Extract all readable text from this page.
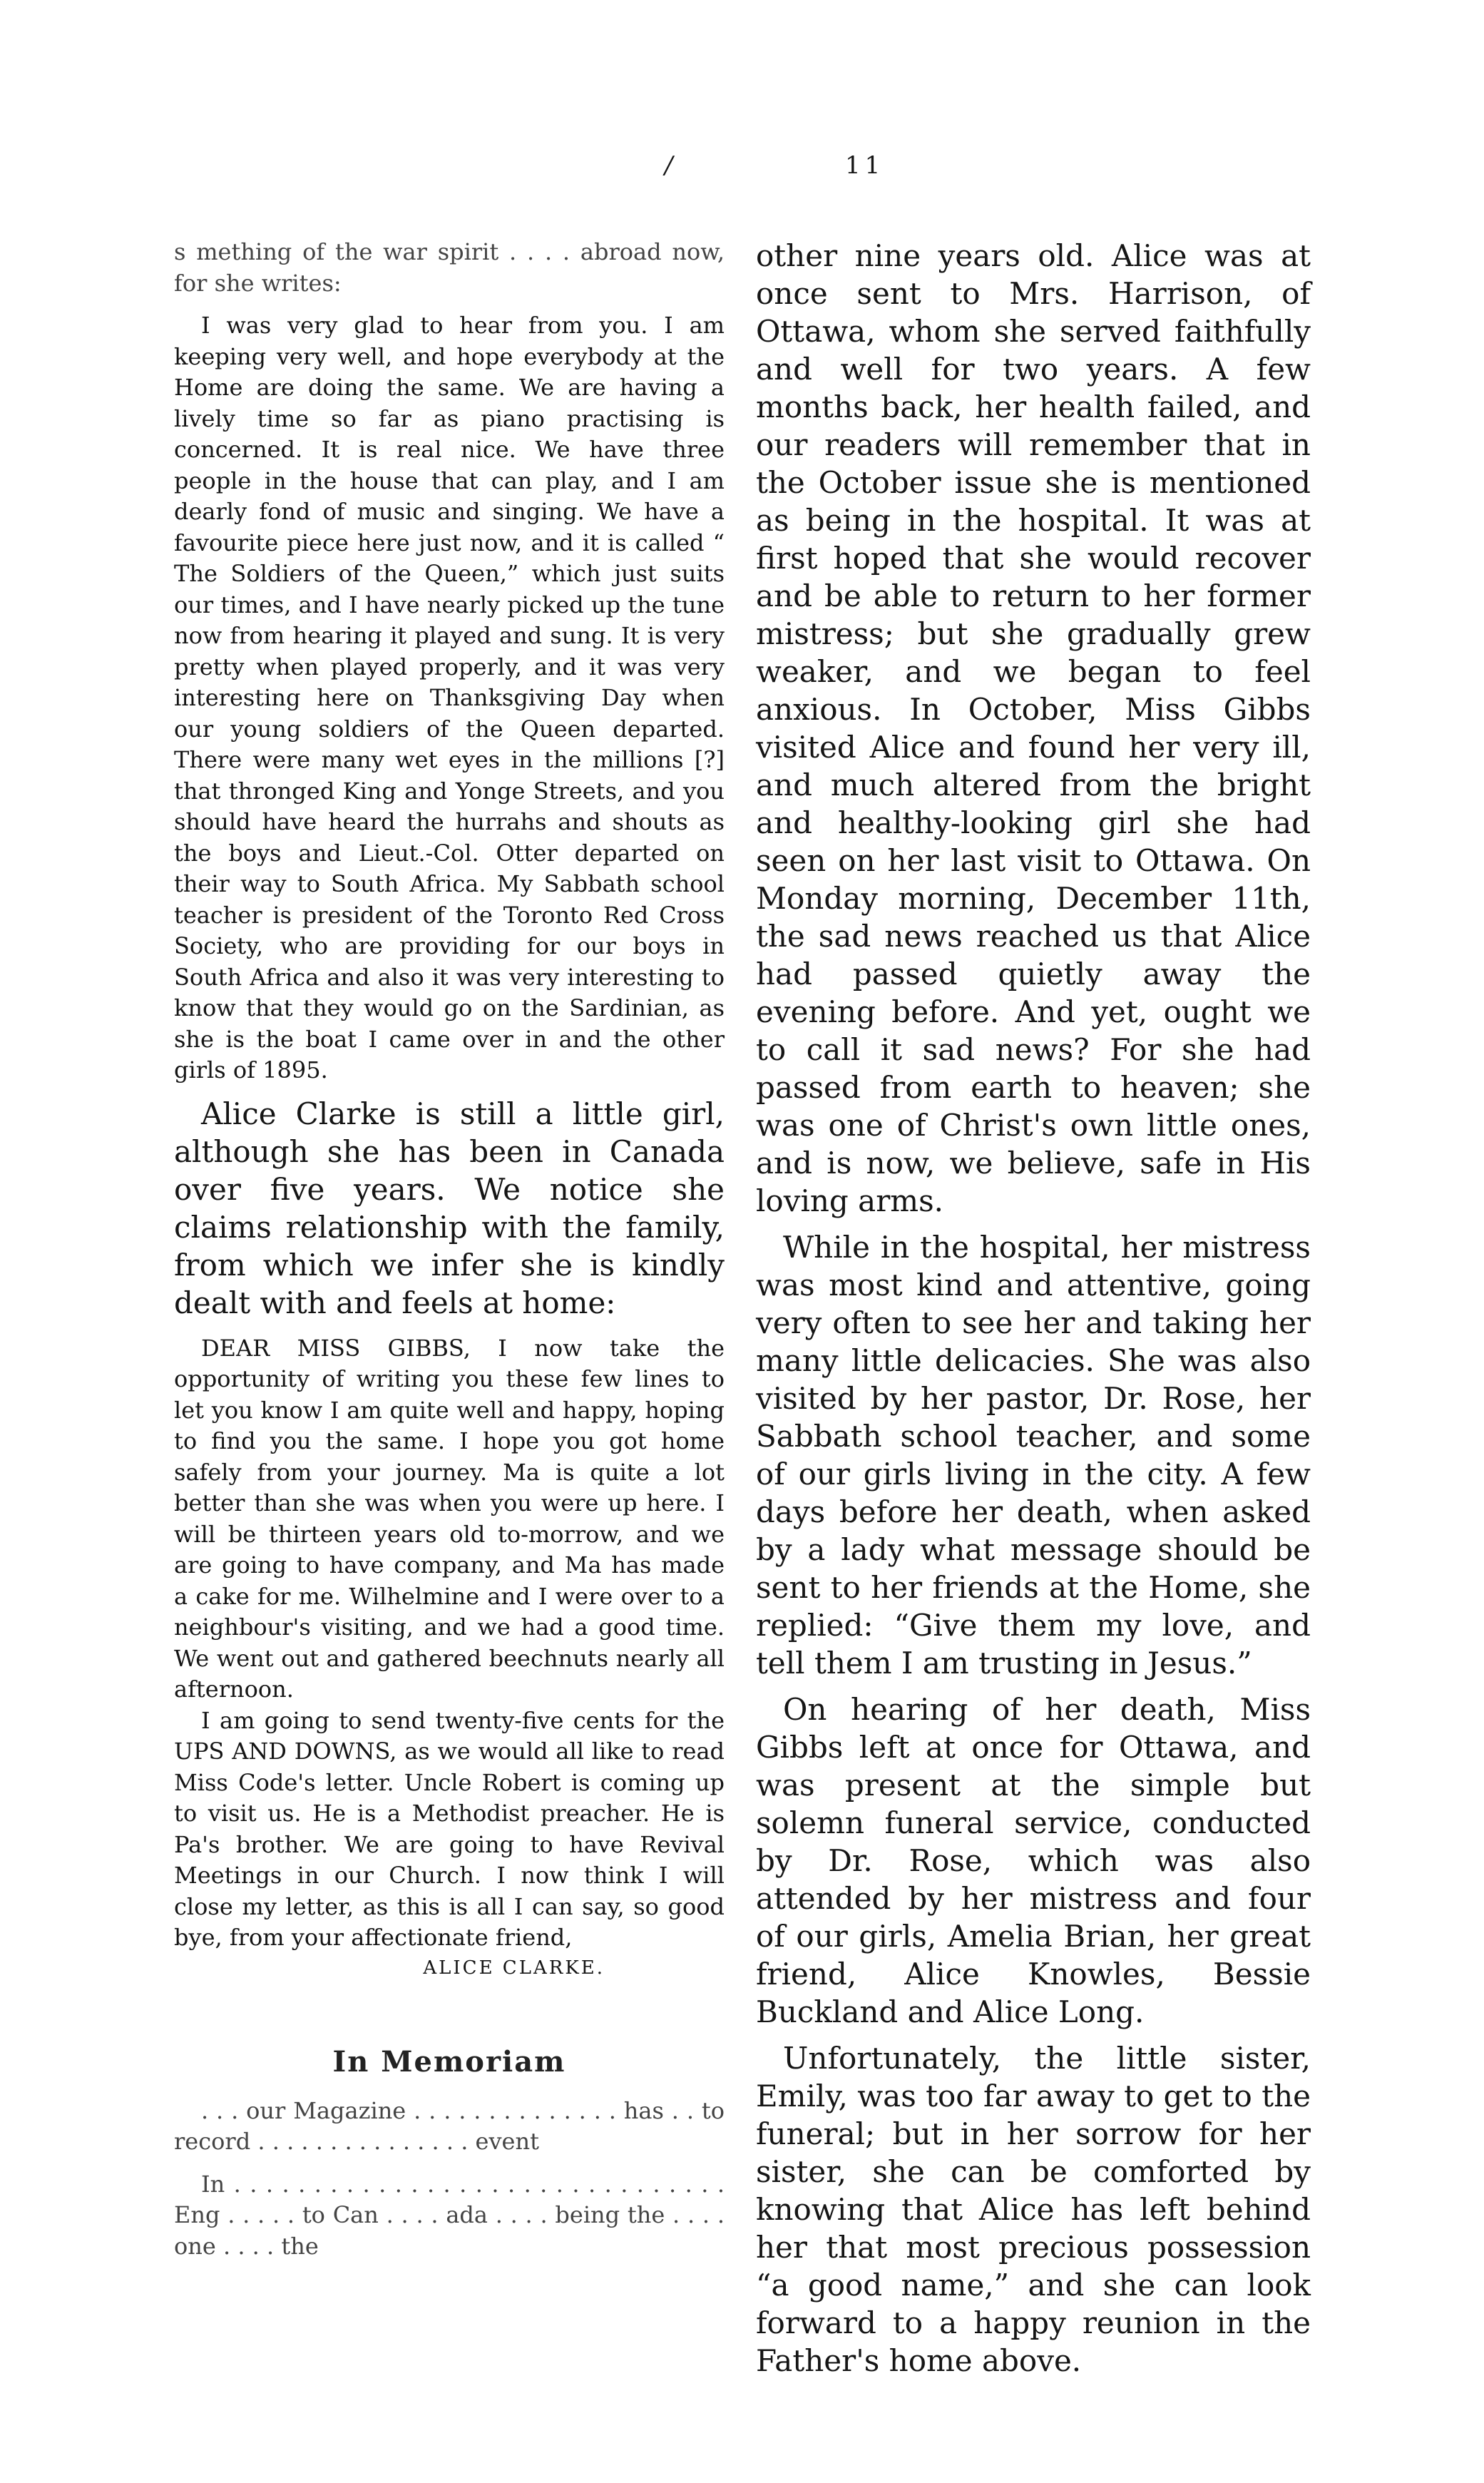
/	11

s mething of the war spirit . . . . abroad now, for she writes:

I was very glad to hear from you. I am keeping very well, and hope everybody at the Home are doing the same. We are having a lively time so far as piano practising is concerned. It is real nice. We have three people in the house that can play, and I am dearly fond of music and singing. We have a favourite piece here just now, and it is called “ The Soldiers of the Queen,” which just suits our times, and I have nearly picked up the tune now from hearing it played and sung. It is very pretty when played properly, and it was very interesting here on Thanksgiving Day when our young soldiers of the Queen departed. There were many wet eyes in the millions [?] that thronged King and Yonge Streets, and you should have heard the hurrahs and shouts as the boys and Lieut.-Col. Otter departed on their way to South Africa. My Sabbath school teacher is president of the Toronto Red Cross Society, who are providing for our boys in South Africa and also it was very interesting to know that they would go on the Sardinian, as she is the boat I came over in and the other girls of 1895.

Alice Clarke is still a little girl, although she has been in Canada over five years. We notice she claims relationship with the family, from which we infer she is kindly dealt with and feels at home:

DEAR MISS GIBBS, I now take the opportunity of writing you these few lines to let you know I am quite well and happy, hoping to find you the same. I hope you got home safely from your journey. Ma is quite a lot better than she was when you were up here. I will be thirteen years old to-morrow, and we are going to have company, and Ma has made a cake for me. Wilhelmine and I were over to a neighbour's visiting, and we had a good time. We went out and gathered beechnuts nearly all afternoon.

I am going to send twenty-five cents for the UPS AND DOWNS, as we would all like to read Miss Code's letter. Uncle Robert is coming up to visit us. He is a Methodist preacher. He is Pa's brother. We are going to have Revival Meetings in our Church. I now think I will close my letter, as this is all I can say, so good bye, from your affectionate friend,

ALICE CLARKE.

In Memoriam

. . . our Magazine . . . . . . . . . . . . . . has . . to record . . . . . . . . . . . . . . . event

In . . . . . . . . . . . . . . . . . . . . . . . . . . . . . . . Eng . . . . . to Can . . . . ada . . . . being the . . . . one . . . . the

other nine years old. Alice was at once sent to Mrs. Harrison, of Ottawa, whom she served faithfully and well for two years. A few months back, her health failed, and our readers will remember that in the October issue she is mentioned as being in the hospital. It was at first hoped that she would recover and be able to return to her former mistress; but she gradually grew weaker, and we began to feel anxious. In October, Miss Gibbs visited Alice and found her very ill, and much altered from the bright and healthy-looking girl she had seen on her last visit to Ottawa. On Monday morning, December 11th, the sad news reached us that Alice had passed quietly away the evening before. And yet, ought we to call it sad news? For she had passed from earth to heaven; she was one of Christ's own little ones, and is now, we believe, safe in His loving arms.

While in the hospital, her mistress was most kind and attentive, going very often to see her and taking her many little delicacies. She was also visited by her pastor, Dr. Rose, her Sabbath school teacher, and some of our girls living in the city. A few days before her death, when asked by a lady what message should be sent to her friends at the Home, she replied: “Give them my love, and tell them I am trusting in Jesus.”

On hearing of her death, Miss Gibbs left at once for Ottawa, and was present at the simple but solemn funeral service, conducted by Dr. Rose, which was also attended by her mistress and four of our girls, Amelia Brian, her great friend, Alice Knowles, Bessie Buckland and Alice Long.

Unfortunately, the little sister, Emily, was too far away to get to the funeral; but in her sorrow for her sister, she can be comforted by knowing that Alice has left behind her that most precious possession “a good name,” and she can look forward to a happy reunion in the Father's home above.
